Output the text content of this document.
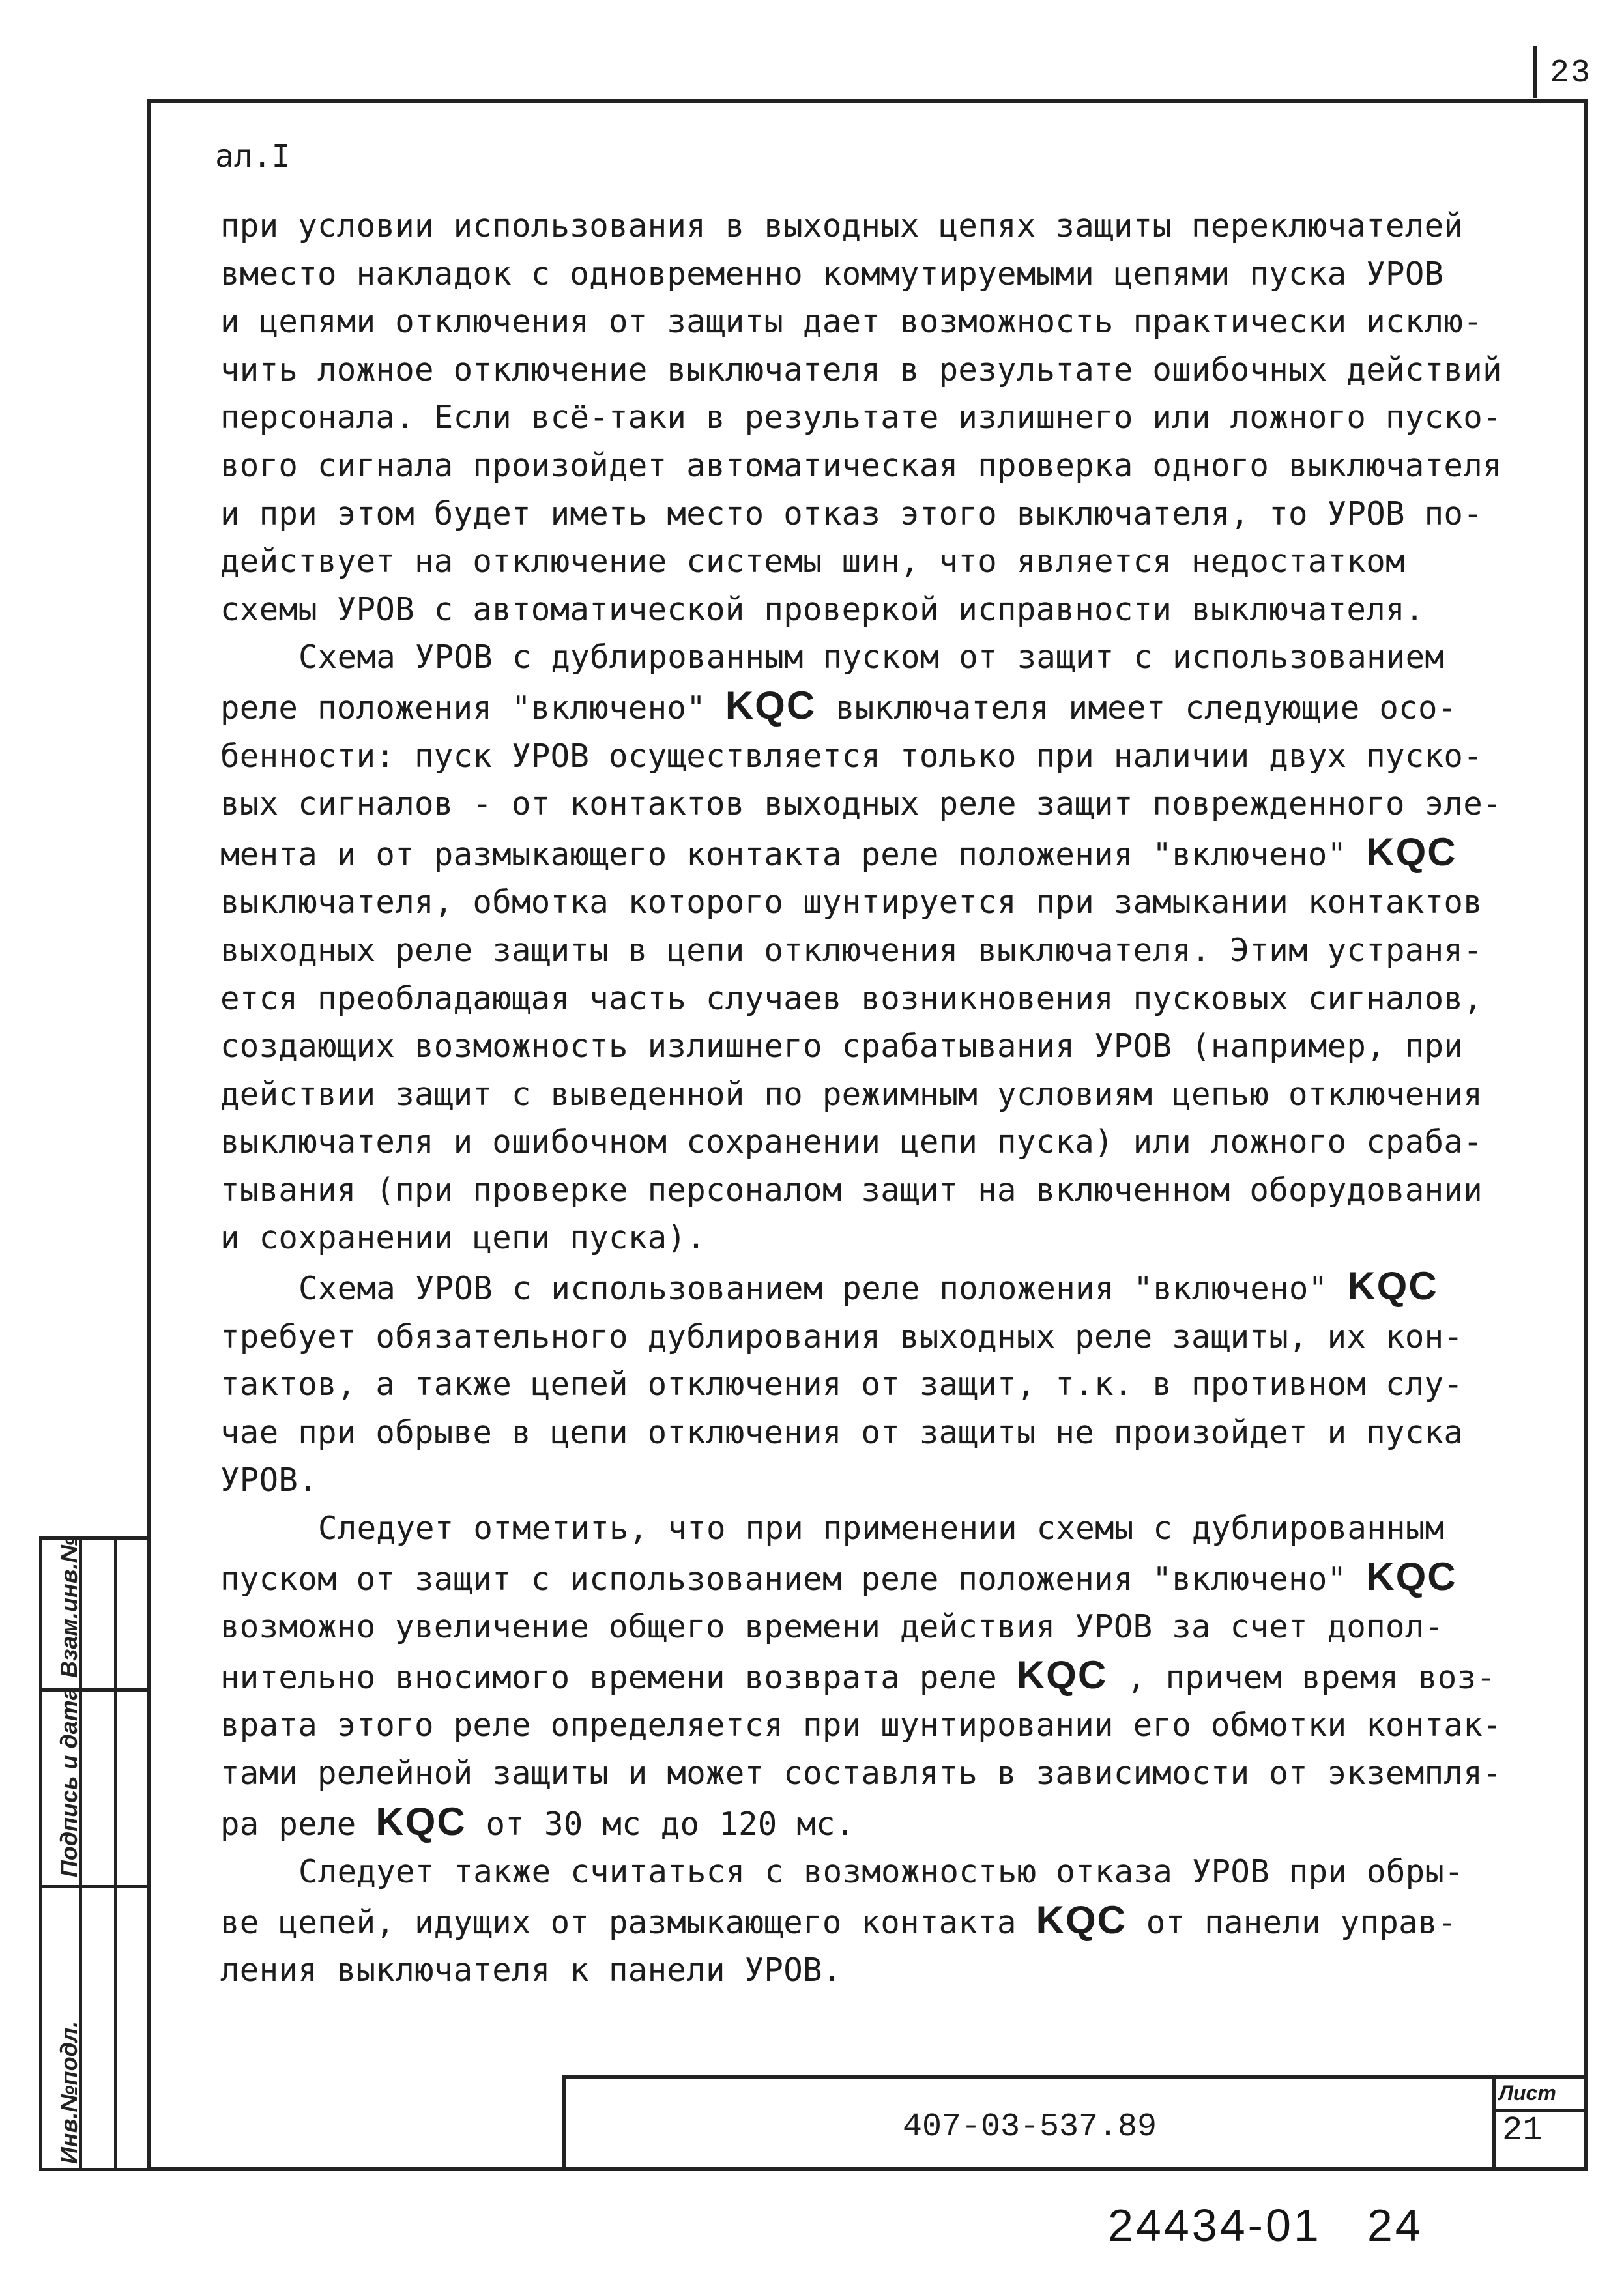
23
Инв.№подл.
Подпись и дата
Взам.инв.№
ал.I

при условии использования в выходных цепях защиты переключателей
вместо накладок с одновременно коммутируемыми цепями пуска УРОВ
и цепями отключения от защиты дает возможность практически исклю-
чить ложное отключение выключателя в результате ошибочных действий
персонала. Если всё-таки в результате излишнего или ложного пуско-
вого сигнала произойдет автоматическая проверка одного выключателя
и при этом будет иметь место отказ этого выключателя, то УРОВ по-
действует на отключение системы шин, что является недостатком
схемы УРОВ с автоматической проверкой исправности выключателя.

Схема УРОВ с дублированным пуском от защит с использованием
реле положения "включено" KQC выключателя имеет следующие осо-
бенности: пуск УРОВ осуществляется только при наличии двух пуско-
вых сигналов - от контактов выходных реле защит поврежденного эле-
мента и от размыкающего контакта реле положения "включено" KQC
выключателя, обмотка которого шунтируется при замыкании контактов
выходных реле защиты в цепи отключения выключателя. Этим устраня-
ется преобладающая часть случаев возникновения пусковых сигналов,
создающих возможность излишнего срабатывания УРОВ (например, при
действии защит с выведенной по режимным условиям цепью отключения
выключателя и ошибочном сохранении цепи пуска) или ложного сраба-
тывания (при проверке персоналом защит на включенном оборудовании
и сохранении цепи пуска).

Схема УРОВ с использованием реле положения "включено" KQC
требует обязательного дублирования выходных реле защиты, их кон-
тактов, а также цепей отключения от защит, т.к. в противном слу-
чае при обрыве в цепи отключения от защиты не произойдет и пуска
УРОВ.

Следует отметить, что при применении схемы с дублированным
пуском от защит с использованием реле положения "включено" KQC
возможно увеличение общего времени действия УРОВ за счет допол-
нительно вносимого времени возврата реле KQC , причем время воз-
врата этого реле определяется при шунтировании его обмотки контак-
тами релейной защиты и может составлять в зависимости от экземпля-
ра реле KQC от 30 мс до 120 мс.

Следует также считаться с возможностью отказа УРОВ при обры-
ве цепей, идущих от размыкающего контакта KQC от панели управ-
ления выключателя к панели УРОВ.

407-03-537.89
Лист
21
24434-01 24
